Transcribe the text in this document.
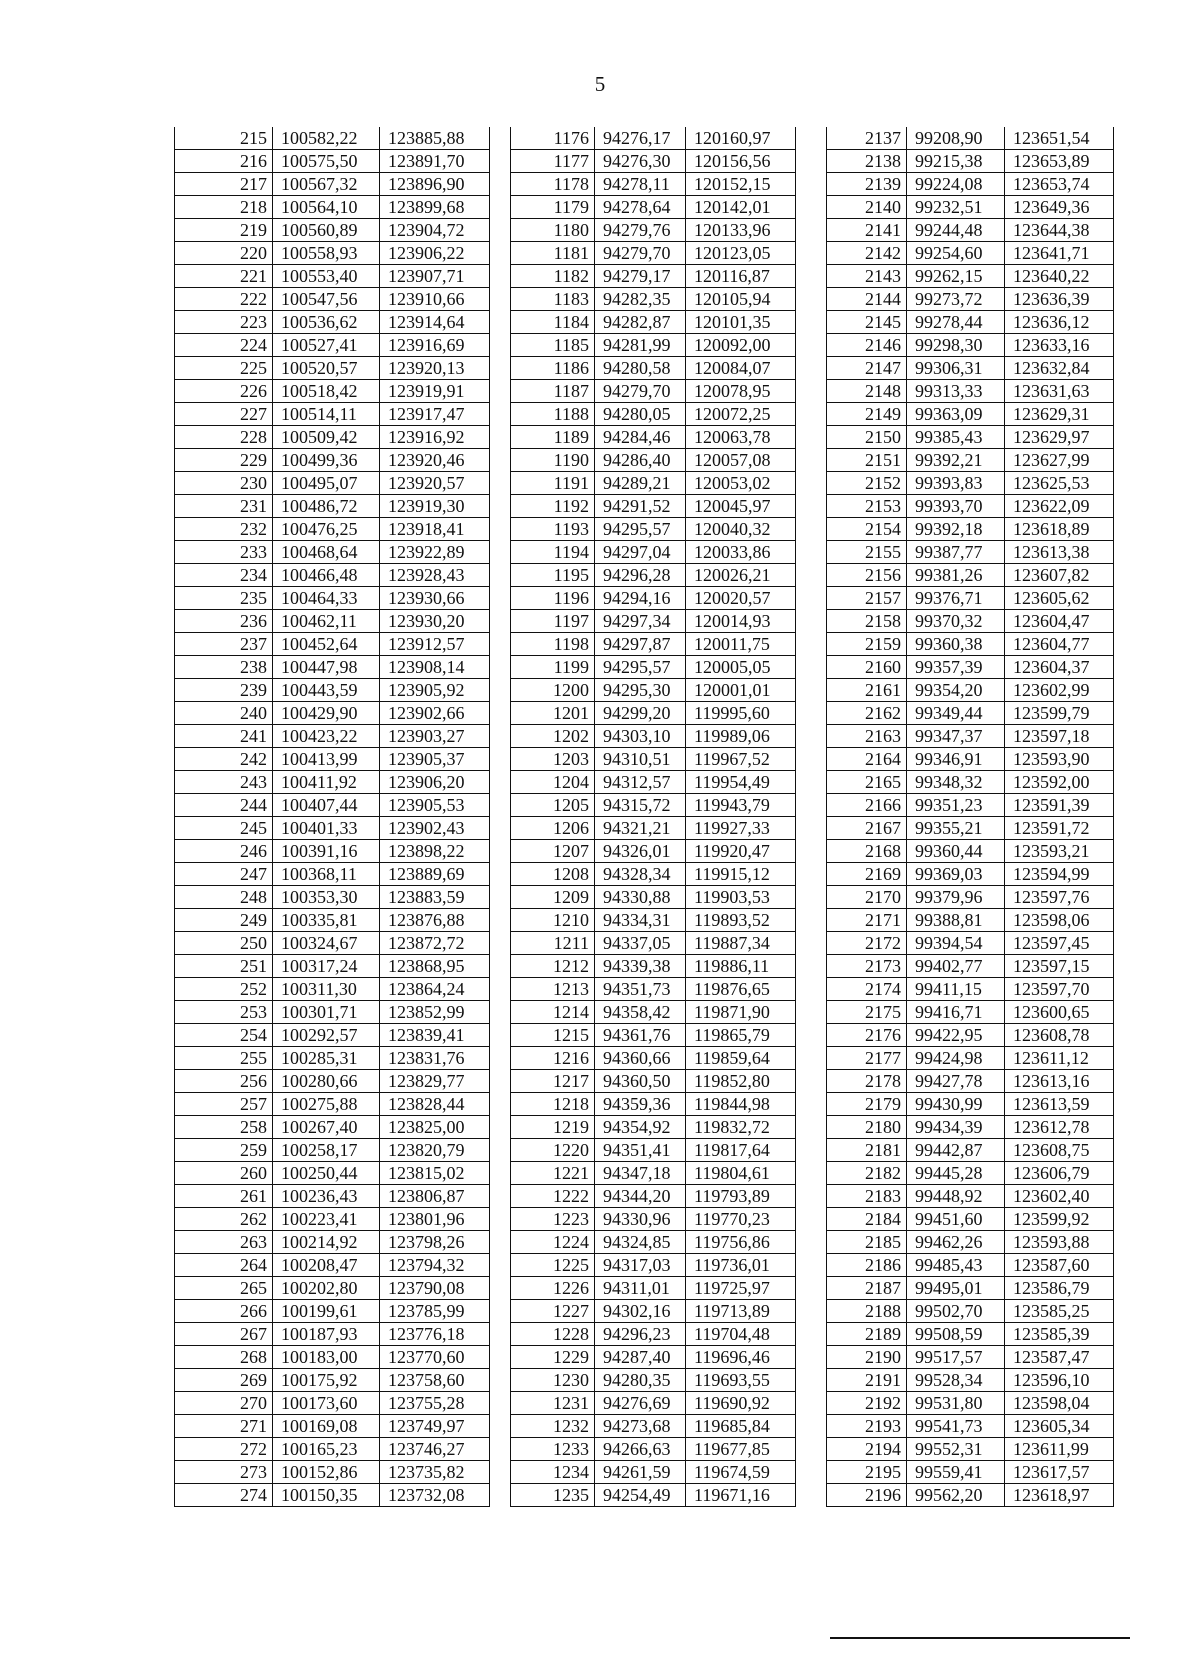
5
215	100582,22	123885,88
216	100575,50	123891,70
217	100567,32	123896,90
218	100564,10	123899,68
219	100560,89	123904,72
220	100558,93	123906,22
221	100553,40	123907,71
222	100547,56	123910,66
223	100536,62	123914,64
224	100527,41	123916,69
225	100520,57	123920,13
226	100518,42	123919,91
227	100514,11	123917,47
228	100509,42	123916,92
229	100499,36	123920,46
230	100495,07	123920,57
231	100486,72	123919,30
232	100476,25	123918,41
233	100468,64	123922,89
234	100466,48	123928,43
235	100464,33	123930,66
236	100462,11	123930,20
237	100452,64	123912,57
238	100447,98	123908,14
239	100443,59	123905,92
240	100429,90	123902,66
241	100423,22	123903,27
242	100413,99	123905,37
243	100411,92	123906,20
244	100407,44	123905,53
245	100401,33	123902,43
246	100391,16	123898,22
247	100368,11	123889,69
248	100353,30	123883,59
249	100335,81	123876,88
250	100324,67	123872,72
251	100317,24	123868,95
252	100311,30	123864,24
253	100301,71	123852,99
254	100292,57	123839,41
255	100285,31	123831,76
256	100280,66	123829,77
257	100275,88	123828,44
258	100267,40	123825,00
259	100258,17	123820,79
260	100250,44	123815,02
261	100236,43	123806,87
262	100223,41	123801,96
263	100214,92	123798,26
264	100208,47	123794,32
265	100202,80	123790,08
266	100199,61	123785,99
267	100187,93	123776,18
268	100183,00	123770,60
269	100175,92	123758,60
270	100173,60	123755,28
271	100169,08	123749,97
272	100165,23	123746,27
273	100152,86	123735,82
274	100150,35	123732,08
1176	94276,17	120160,97
1177	94276,30	120156,56
1178	94278,11	120152,15
1179	94278,64	120142,01
1180	94279,76	120133,96
1181	94279,70	120123,05
1182	94279,17	120116,87
1183	94282,35	120105,94
1184	94282,87	120101,35
1185	94281,99	120092,00
1186	94280,58	120084,07
1187	94279,70	120078,95
1188	94280,05	120072,25
1189	94284,46	120063,78
1190	94286,40	120057,08
1191	94289,21	120053,02
1192	94291,52	120045,97
1193	94295,57	120040,32
1194	94297,04	120033,86
1195	94296,28	120026,21
1196	94294,16	120020,57
1197	94297,34	120014,93
1198	94297,87	120011,75
1199	94295,57	120005,05
1200	94295,30	120001,01
1201	94299,20	119995,60
1202	94303,10	119989,06
1203	94310,51	119967,52
1204	94312,57	119954,49
1205	94315,72	119943,79
1206	94321,21	119927,33
1207	94326,01	119920,47
1208	94328,34	119915,12
1209	94330,88	119903,53
1210	94334,31	119893,52
1211	94337,05	119887,34
1212	94339,38	119886,11
1213	94351,73	119876,65
1214	94358,42	119871,90
1215	94361,76	119865,79
1216	94360,66	119859,64
1217	94360,50	119852,80
1218	94359,36	119844,98
1219	94354,92	119832,72
1220	94351,41	119817,64
1221	94347,18	119804,61
1222	94344,20	119793,89
1223	94330,96	119770,23
1224	94324,85	119756,86
1225	94317,03	119736,01
1226	94311,01	119725,97
1227	94302,16	119713,89
1228	94296,23	119704,48
1229	94287,40	119696,46
1230	94280,35	119693,55
1231	94276,69	119690,92
1232	94273,68	119685,84
1233	94266,63	119677,85
1234	94261,59	119674,59
1235	94254,49	119671,16
2137	99208,90	123651,54
2138	99215,38	123653,89
2139	99224,08	123653,74
2140	99232,51	123649,36
2141	99244,48	123644,38
2142	99254,60	123641,71
2143	99262,15	123640,22
2144	99273,72	123636,39
2145	99278,44	123636,12
2146	99298,30	123633,16
2147	99306,31	123632,84
2148	99313,33	123631,63
2149	99363,09	123629,31
2150	99385,43	123629,97
2151	99392,21	123627,99
2152	99393,83	123625,53
2153	99393,70	123622,09
2154	99392,18	123618,89
2155	99387,77	123613,38
2156	99381,26	123607,82
2157	99376,71	123605,62
2158	99370,32	123604,47
2159	99360,38	123604,77
2160	99357,39	123604,37
2161	99354,20	123602,99
2162	99349,44	123599,79
2163	99347,37	123597,18
2164	99346,91	123593,90
2165	99348,32	123592,00
2166	99351,23	123591,39
2167	99355,21	123591,72
2168	99360,44	123593,21
2169	99369,03	123594,99
2170	99379,96	123597,76
2171	99388,81	123598,06
2172	99394,54	123597,45
2173	99402,77	123597,15
2174	99411,15	123597,70
2175	99416,71	123600,65
2176	99422,95	123608,78
2177	99424,98	123611,12
2178	99427,78	123613,16
2179	99430,99	123613,59
2180	99434,39	123612,78
2181	99442,87	123608,75
2182	99445,28	123606,79
2183	99448,92	123602,40
2184	99451,60	123599,92
2185	99462,26	123593,88
2186	99485,43	123587,60
2187	99495,01	123586,79
2188	99502,70	123585,25
2189	99508,59	123585,39
2190	99517,57	123587,47
2191	99528,34	123596,10
2192	99531,80	123598,04
2193	99541,73	123605,34
2194	99552,31	123611,99
2195	99559,41	123617,57
2196	99562,20	123618,97
